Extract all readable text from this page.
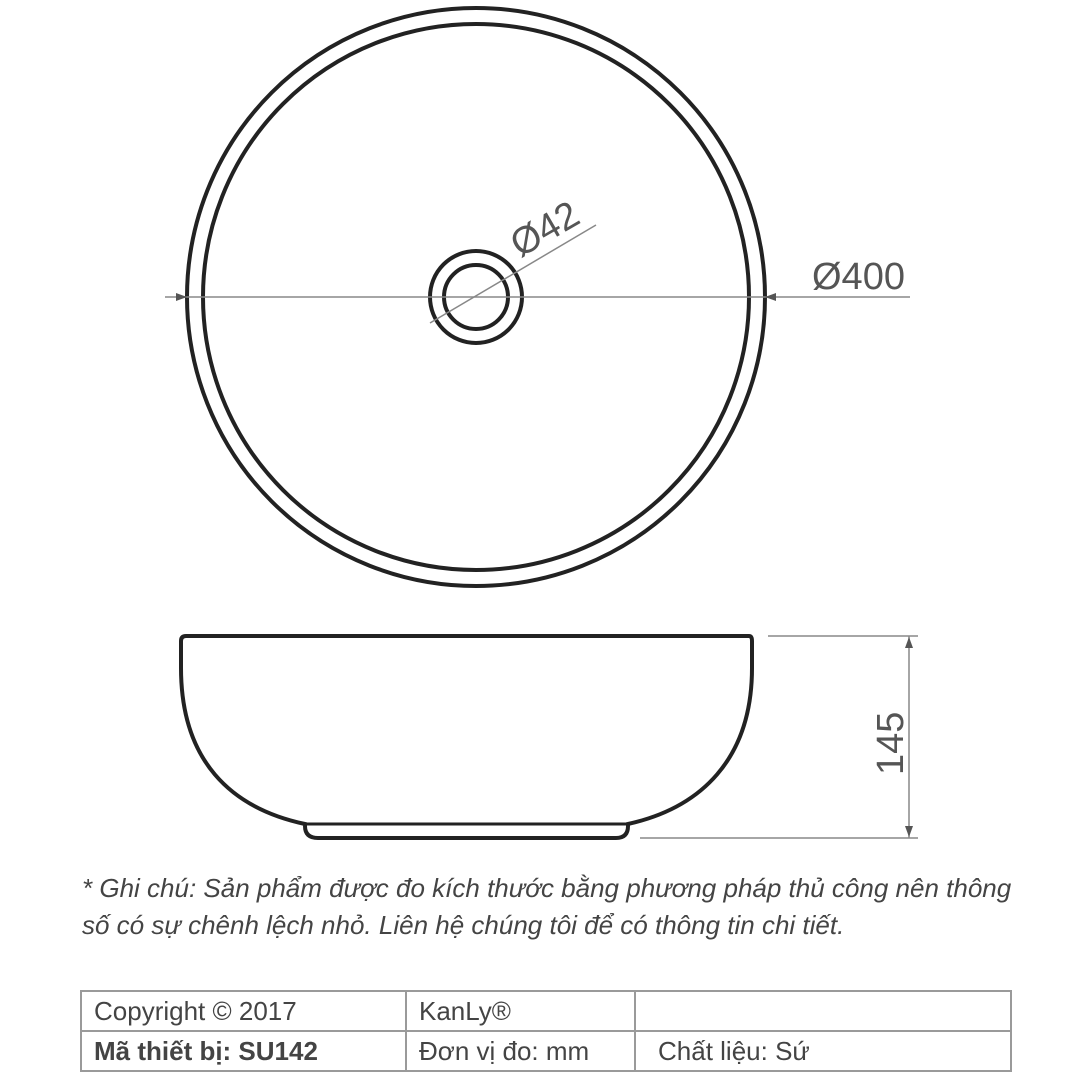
Ø400
Ø42
145

* Ghi chú: Sản phẩm được đo kích thước bằng phương pháp thủ công nên thông số có sự chênh lệch nhỏ. Liên hệ chúng tôi để có thông tin chi tiết.

Copyright © 2017	KanLy®	
Mã thiết bị: SU142	Đơn vị đo: mm	Chất liệu: Sứ
